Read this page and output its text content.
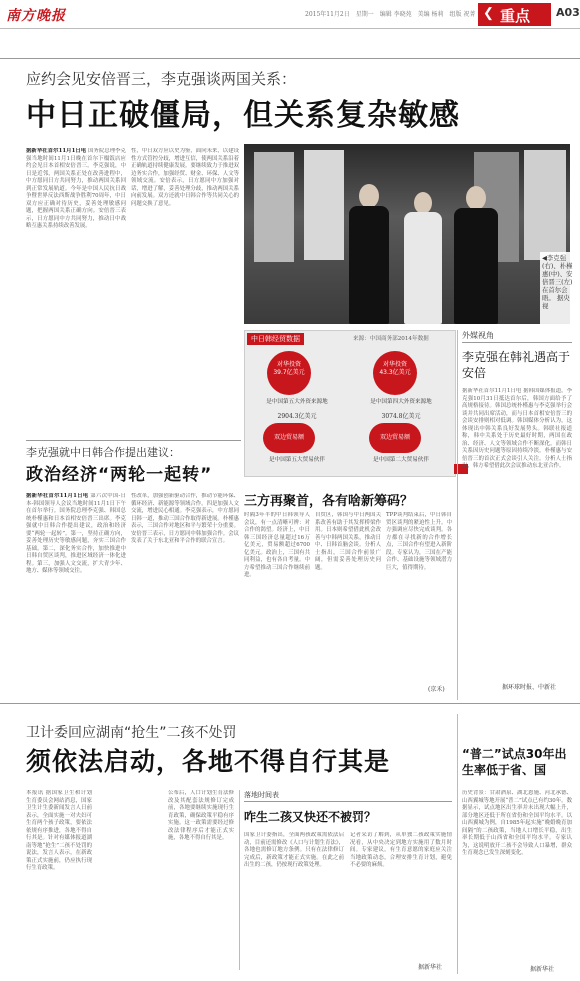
南方晚报	2015年11月2日　星期一　编辑 李晓苑　美编 杨莉　组版 祝菁 ❮ 重点 A03
应约会见安倍晋三，李克强谈两国关系：
中日正破僵局，但关系复杂敏感
据新华社首尔11月1日电 国务院总理李克强当地时间11月1日晚在首尔下榻饭店应约会见日本首相安倍晋三。李克强说，中日是近邻，两国关系正处在改善进程中，中方愿同日方共同努力，推动两国关系回到正常发展轨道。今年是中国人民抗日战争暨世界反法西斯战争胜利70周年，中日双方应正确对待历史，妥善处理敏感问题，把握两国关系正确方向。安倍晋三表示，日方愿同中方共同努力，推动日中战略互惠关系持续改善发展。
性，中日双方应以史为鉴，面向未来，以建设性方式管控分歧，增进互信，使两国关系沿着正确轨道持续健康发展。要继续致力于推进双边务实合作，加强经贸、财金、环保、人文等领域交流。安倍表示，日方愿同中方加强对话，增进了解，妥善处理分歧，推动两国关系向前发展。双方还就中日韩合作等共同关心的问题交换了意见。
◀李克强(右)、朴槿惠(中)、安倍晋三(左)在首尔会晤。 据央视
李克强就中日韩合作提出建议：
政治经济“两轮一起转”
据新华社首尔11月1日电 第六次中国-日本-韩国领导人会议当地时间11月1日下午在首尔举行。国务院总理李克强、韩国总统朴槿惠和日本首相安倍晋三出席。李克强就中日韩合作提出建议，政治和经济要“两轮一起转”。第一，坚持正确方向，妥善处理历史等敏感问题，夯实三国合作基础。第二，深化务实合作，加快推进中日韩自贸区谈判，推进区域经济一体化进程。第三，加强人文交流，扩大青少年、地方、媒体等领域交往。
性改革，加强创新驱动合作，推动节能环保、循环经济、新能源等领域合作。四是加强人文交流，增进民心相通。李克强表示，中方愿同日韩一道，推动三国合作取得新进展。朴槿惠表示，三国合作对地区和平与繁荣十分重要。安倍晋三表示，日方愿同中韩加强合作。会议发表了关于东北亚和平合作的联合宣言。
中日韩经贸数据	来源：中国商务部2014年数据
对华投资
39.7亿美元
是中国第五大外资来源地
2904.3亿美元
双边贸易额
是中国第五大贸易伙伴
对华投资
43.3亿美元
是中国第四大外资来源地
3074.8亿美元
双边贸易额
是中国第二大贸易伙伴
三方再聚首，各有啥新筹码？
时隔3年半的中日韩领导人会议，有一点清晰可辨：对合作的渴望。经济上，中日韩三国经济总量超过16万亿美元，贸易额超过6700亿美元。政治上，三国有共同利益，也有各自考量。中方希望推动三国合作继续前进。
自贸区，韩国与中日两国关系改善有助于其发挥桥梁作用。日本则希望借此机会改善与中韩两国关系，推动日中、日韩首脑会谈。分析人士指出，三国合作前景广阔，但需妥善处理历史问题。
TPP谈判结束后，中日韩自贸区谈判的紧迫性上升。中方强调应尽快完成谈判。各方都在寻找新的合作增长点，三国合作有望进入新阶段。专家认为，三国在产能合作、基础设施等领域潜力巨大，值得期待。
(京禾)
外媒视角
李克强在韩礼遇高于安倍
据新华社首尔11月1日电 据韩国媒体报道，李克强10月31日抵达首尔后，韩国方面给予了高规格接待。韩国总统朴槿惠与李克强举行会谈并共同出席活动，而与日本首相安倍晋三的会谈安排则相对低调。韩国媒体分析认为，这体现出中韩关系良好发展势头。韩联社报道称，韩中关系处于历史最好时期，两国在政治、经济、人文等领域合作不断深化。而韩日关系因历史问题等原因持续冷淡，朴槿惠与安倍晋三的首次正式会谈引人关注。分析人士指出，韩方希望借此次会议推动东北亚合作。
据环球时报、中新社
卫计委回应湖南“抢生”二孩不处罚
须依法启动，各地不得自行其是
本报讯 据国家卫生和计划生育委员会网站消息，国家卫生计生委新闻发言人日前表示，全面实施一对夫妇可生育两个孩子政策，要依法依规有序推进，各地不得自行其是。针对有媒体报道湖南等地“抢生”二孩不处罚的说法，发言人表示，在新政策正式实施前，仍应执行现行生育政策。
公布后，人口计划生育法修改及其配套法规修订完成前，各地要继续实施现行生育政策，确保政策平稳有序实施。这一政策需要经过修改法律程序后才能正式实施，各地不得自行其是。
落地时间表
咋生二孩又快还不被罚？
国家卫计委指出，全面两孩政策需依法启动，目前还需修改《人口与计划生育法》，各地也需修订地方条例。只有在法律修订完成后，新政策才能正式实施。在此之前出生的二孩，仍按现行政策处理。
记者采访了解到，从单独二孩政策实施情况看，从中央决定到地方实施用了数月时间。专家建议，有生育意愿的家庭应关注当地政策动态，合理安排生育计划，避免不必要的麻烦。
据新华社
“普二”试点30年出生率低于省、国
历史背景：甘肃酒泉、湖北恩施、河北承德、山西翼城等地开展“普二”试点已有约30年。数据显示，试点地区出生率并未出现大幅上升，部分地区还低于所在省份和全国平均水平。以山西翼城为例，自1985年起实施“晚婚晚育加间隔”的二孩政策，当地人口增长平稳，出生率长期低于山西省和全国平均水平。专家认为，这说明放开二孩不会导致人口暴增，群众生育观念已发生深刻变化。
据新华社
